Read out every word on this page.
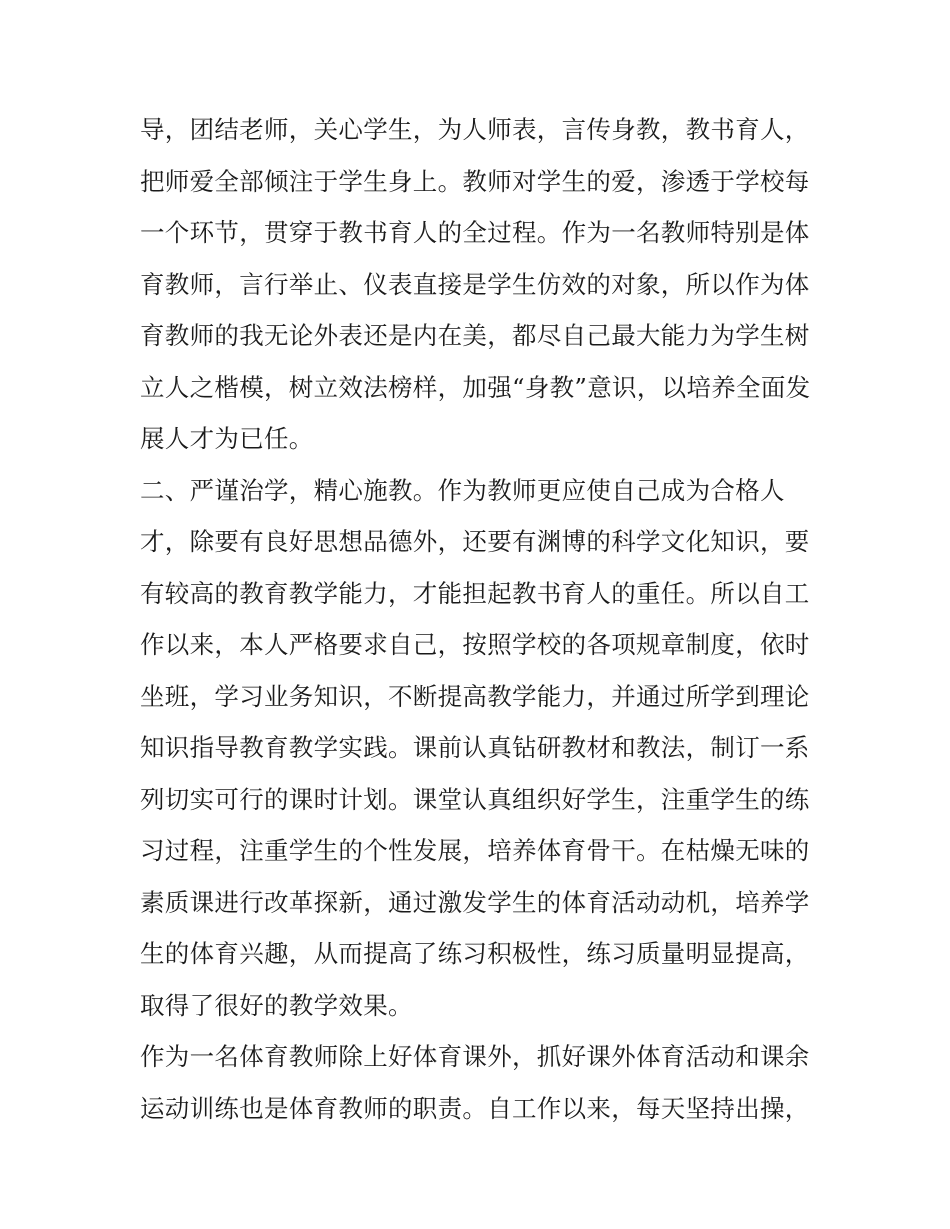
导，团结老师，关心学生，为人师表，言传身教，教书育人，
把师爱全部倾注于学生身上。教师对学生的爱，渗透于学校每
一个环节，贯穿于教书育人的全过程。作为一名教师特别是体
育教师，言行举止、仪表直接是学生仿效的对象，所以作为体
育教师的我无论外表还是内在美，都尽自己最大能力为学生树
立人之楷模，树立效法榜样，加强“身教”意识，以培养全面发
展人才为已任。
二、严谨治学，精心施教。作为教师更应使自己成为合格人
才，除要有良好思想品德外，还要有渊博的科学文化知识，要
有较高的教育教学能力，才能担起教书育人的重任。所以自工
作以来，本人严格要求自己，按照学校的各项规章制度，依时
坐班，学习业务知识，不断提高教学能力，并通过所学到理论
知识指导教育教学实践。课前认真钻研教材和教法，制订一系
列切实可行的课时计划。课堂认真组织好学生，注重学生的练
习过程，注重学生的个性发展，培养体育骨干。在枯燥无味的
素质课进行改革探新，通过激发学生的体育活动动机，培养学
生的体育兴趣，从而提高了练习积极性，练习质量明显提高，
取得了很好的教学效果。
作为一名体育教师除上好体育课外，抓好课外体育活动和课余
运动训练也是体育教师的职责。自工作以来，每天坚持出操，
